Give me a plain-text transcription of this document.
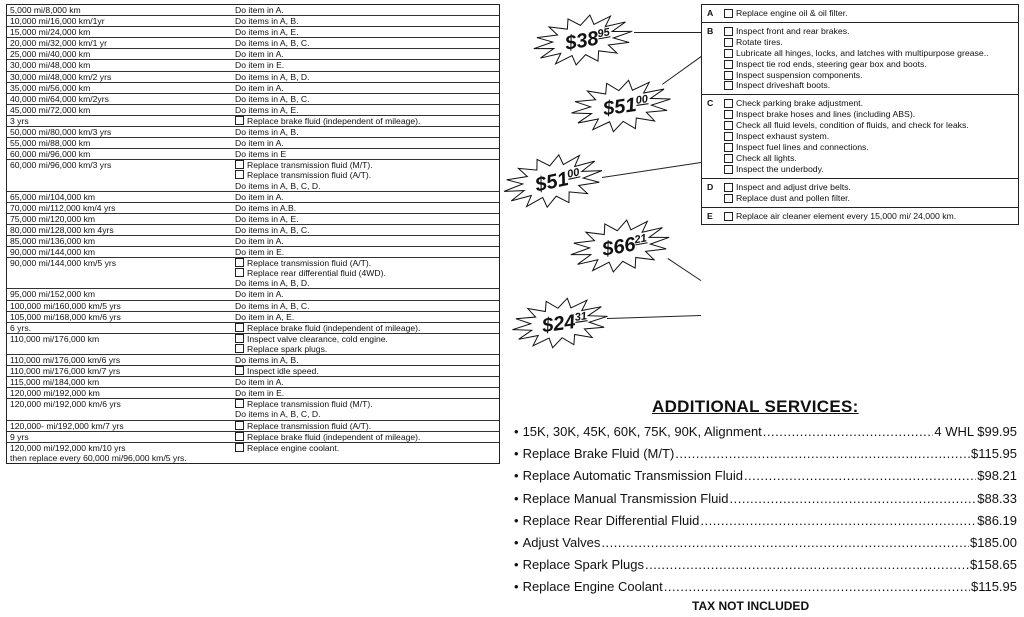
5,000 mi/8,000 km	Do item in A.
10,000 mi/16,000 km/1yr	Do items in A, B.
15,000 mi/24,000 km	Do items in A, E.
20,000 mi/32,000 km/1 yr	Do items in A, B, C.
25,000 mi/40,000 km	Do item in A.
30,000 mi/48,000 km	Do item in E.
30,000 mi/48,000 km/2 yrs	Do items in A, B, D.
35,000 mi/56,000 km	Do item in A.
40,000 mi/64,000 km/2yrs	Do items in A, B, C.
45,000 mi/72,000 km	Do items in A, E.
3 yrs	Replace brake fluid (independent of mileage).
50,000 mi/80,000 km/3 yrs	Do items in A, B.
55,000 mi/88,000 km	Do item in A.
60,000 mi/96,000 km	Do items in E
60,000 mi/96,000 km/3 yrs	Replace transmission fluid (M/T).
Replace transmission fluid (A/T).
Do items in A, B, C, D.
65,000 mi/104,000 km	Do item in A.
70,000 mi/112,000 km/4 yrs	Do items in A.B.
75,000 mi/120,000 km	Do items in A, E.
80,000 mi/128,000 km 4yrs	Do items in A, B, C.
85,000 mi/136,000 km	Do item in A.
90,000 mi/144,000 km	Do item in E.
90,000 mi/144,000 km/5 yrs	Replace transmission fluid (A/T).
Replace rear differential fluid (4WD).
Do items in A, B, D.
95,000 mi/152,000 km	Do item in A.
100,000 mi/160,000 km/5 yrs	Do items in A, B, C.
105,000 mi/168,000 km/6 yrs	Do item in A, E.
6 yrs.	Replace brake fluid (independent of mileage).
110,000 mi/176,000 km	Inspect valve clearance, cold engine.
Replace spark plugs.
110,000 mi/176,000 km/6 yrs	Do items in A, B.
110,000 mi/176,000 km/7 yrs	Inspect idle speed.
115,000 mi/184,000 km	Do item in A.
120,000 mi/192,000 km	Do item in E.
120,000 mi/192,000 km/6 yrs	Replace transmission fluid (M/T).
Do items in A, B, C, D.
120,000- mi/192,000 km/7 yrs	Replace transmission fluid (A/T).
9 yrs	Replace brake fluid (independent of mileage).
120,000 mi/192,000 km/10 yrs	Replace engine coolant.
then replace every 60,000 mi/96,000 km/5 yrs.
A	Replace engine oil & oil filter.
B	Inspect front and rear brakes.
Rotate tires.
Lubricate all hinges, locks, and latches with multipurpose grease..
Inspect tie rod ends, steering gear box and boots.
Inspect suspension components.
Inspect driveshaft boots.
C	Check parking brake adjustment.
Inspect brake hoses and lines (including ABS).
Check all fluid levels, condition of fluids, and check for leaks.
Inspect exhaust system.
Inspect fuel lines and connections.
Check all lights.
Inspect the underbody.
D	Inspect and adjust drive belts.
Replace dust and pollen filter.
E	Replace air cleaner element every 15,000 mi/ 24,000 km.
$\$38^{95}$
$\$51^{00}$
$\$51^{00}$
$\$66^{21}$
$\$24^{31}$
ADDITIONAL SERVICES:
• 15K, 30K, 45K, 60K, 75K, 90K, Alignment .....	4 WHL $99.95
• Replace Brake Fluid (M/T) .....	$115.95
• Replace Automatic Transmission Fluid .....	$98.21
• Replace Manual Transmission Fluid .....	$88.33
• Replace Rear Differential Fluid .....	$86.19
• Adjust Valves .....	$185.00
• Replace Spark Plugs .....	$158.65
• Replace Engine Coolant .....	$115.95
TAX NOT INCLUDED
